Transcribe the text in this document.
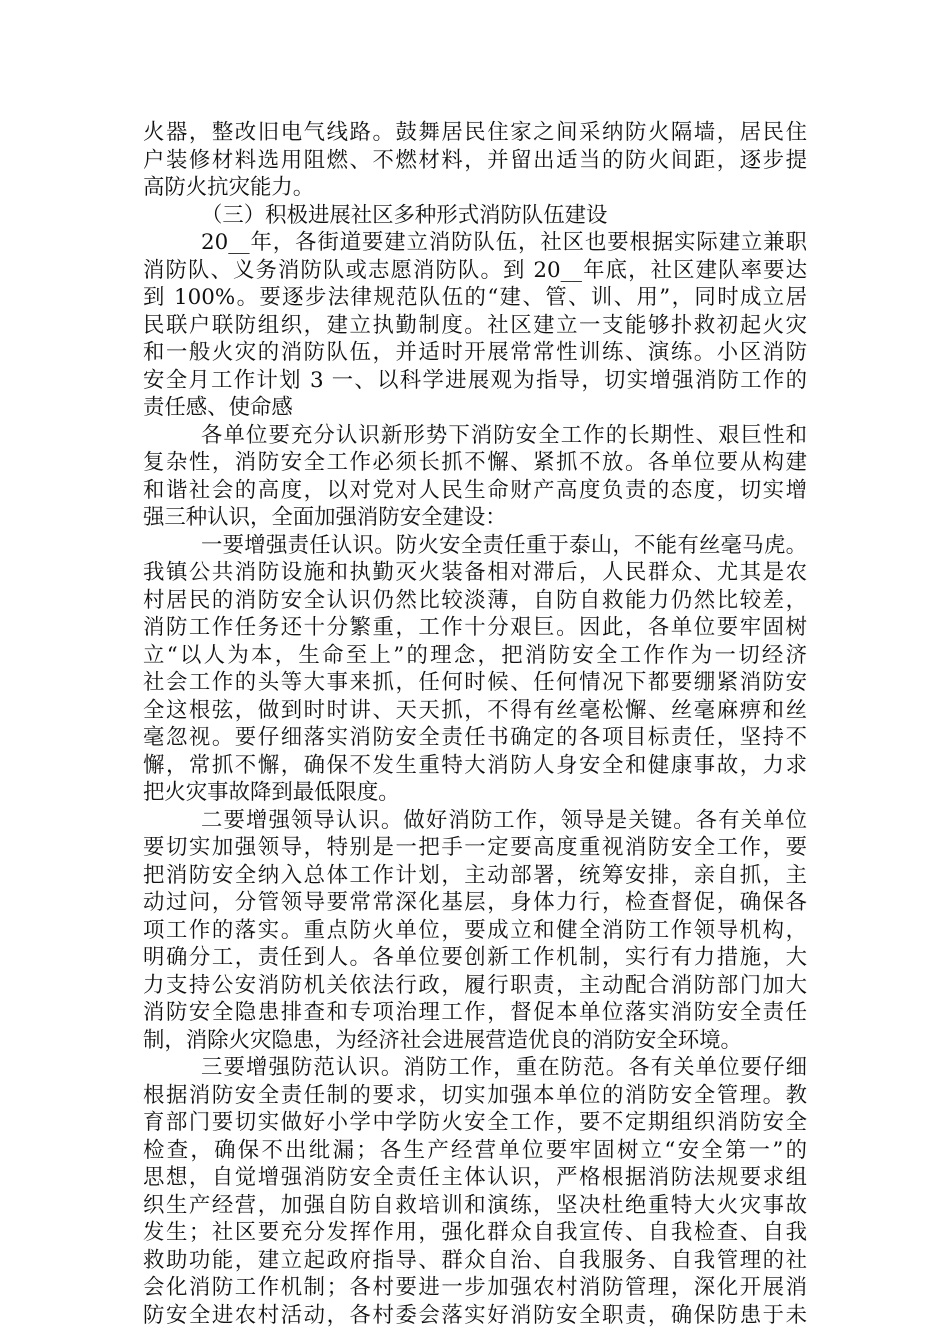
火器，整改旧电气线路。鼓舞居民住家之间采纳防火隔墙，居民住
户装修材料选用阻燃、不燃材料，并留出适当的防火间距，逐步提
高防火抗灾能力。
（三）积极进展社区多种形式消防队伍建设
20__年，各街道要建立消防队伍，社区也要根据实际建立兼职
消防队、义务消防队或志愿消防队。到 20__年底，社区建队率要达
到 100%。要逐步法律规范队伍的“建、管、训、用”，同时成立居
民联户联防组织，建立执勤制度。社区建立一支能够扑救初起火灾
和一般火灾的消防队伍，并适时开展常常性训练、演练。小区消防
安全月工作计划 3 一、以科学进展观为指导，切实增强消防工作的
责任感、使命感
各单位要充分认识新形势下消防安全工作的长期性、艰巨性和
复杂性，消防安全工作必须长抓不懈、紧抓不放。各单位要从构建
和谐社会的高度，以对党对人民生命财产高度负责的态度，切实增
强三种认识，全面加强消防安全建设：
一要增强责任认识。防火安全责任重于泰山，不能有丝毫马虎。
我镇公共消防设施和执勤灭火装备相对滞后，人民群众、尤其是农
村居民的消防安全认识仍然比较淡薄，自防自救能力仍然比较差，
消防工作任务还十分繁重，工作十分艰巨。因此，各单位要牢固树
立“以人为本，生命至上”的理念，把消防安全工作作为一切经济
社会工作的头等大事来抓，任何时候、任何情况下都要绷紧消防安
全这根弦，做到时时讲、天天抓，不得有丝毫松懈、丝毫麻痹和丝
毫忽视。要仔细落实消防安全责任书确定的各项目标责任，坚持不
懈，常抓不懈，确保不发生重特大消防人身安全和健康事故，力求
把火灾事故降到最低限度。
二要增强领导认识。做好消防工作，领导是关键。各有关单位
要切实加强领导，特别是一把手一定要高度重视消防安全工作，要
把消防安全纳入总体工作计划，主动部署，统筹安排，亲自抓，主
动过问，分管领导要常常深化基层，身体力行，检查督促，确保各
项工作的落实。重点防火单位，要成立和健全消防工作领导机构，
明确分工，责任到人。各单位要创新工作机制，实行有力措施，大
力支持公安消防机关依法行政，履行职责，主动配合消防部门加大
消防安全隐患排查和专项治理工作，督促本单位落实消防安全责任
制，消除火灾隐患，为经济社会进展营造优良的消防安全环境。
三要增强防范认识。消防工作，重在防范。各有关单位要仔细
根据消防安全责任制的要求，切实加强本单位的消防安全管理。教
育部门要切实做好小学中学防火安全工作，要不定期组织消防安全
检查，确保不出纰漏；各生产经营单位要牢固树立“安全第一”的
思想，自觉增强消防安全责任主体认识，严格根据消防法规要求组
织生产经营，加强自防自救培训和演练，坚决杜绝重特大火灾事故
发生；社区要充分发挥作用，强化群众自我宣传、自我检查、自我
救助功能，建立起政府指导、群众自治、自我服务、自我管理的社
会化消防工作机制；各村要进一步加强农村消防管理，深化开展消
防安全进农村活动，各村委会落实好消防安全职责，确保防患于未
